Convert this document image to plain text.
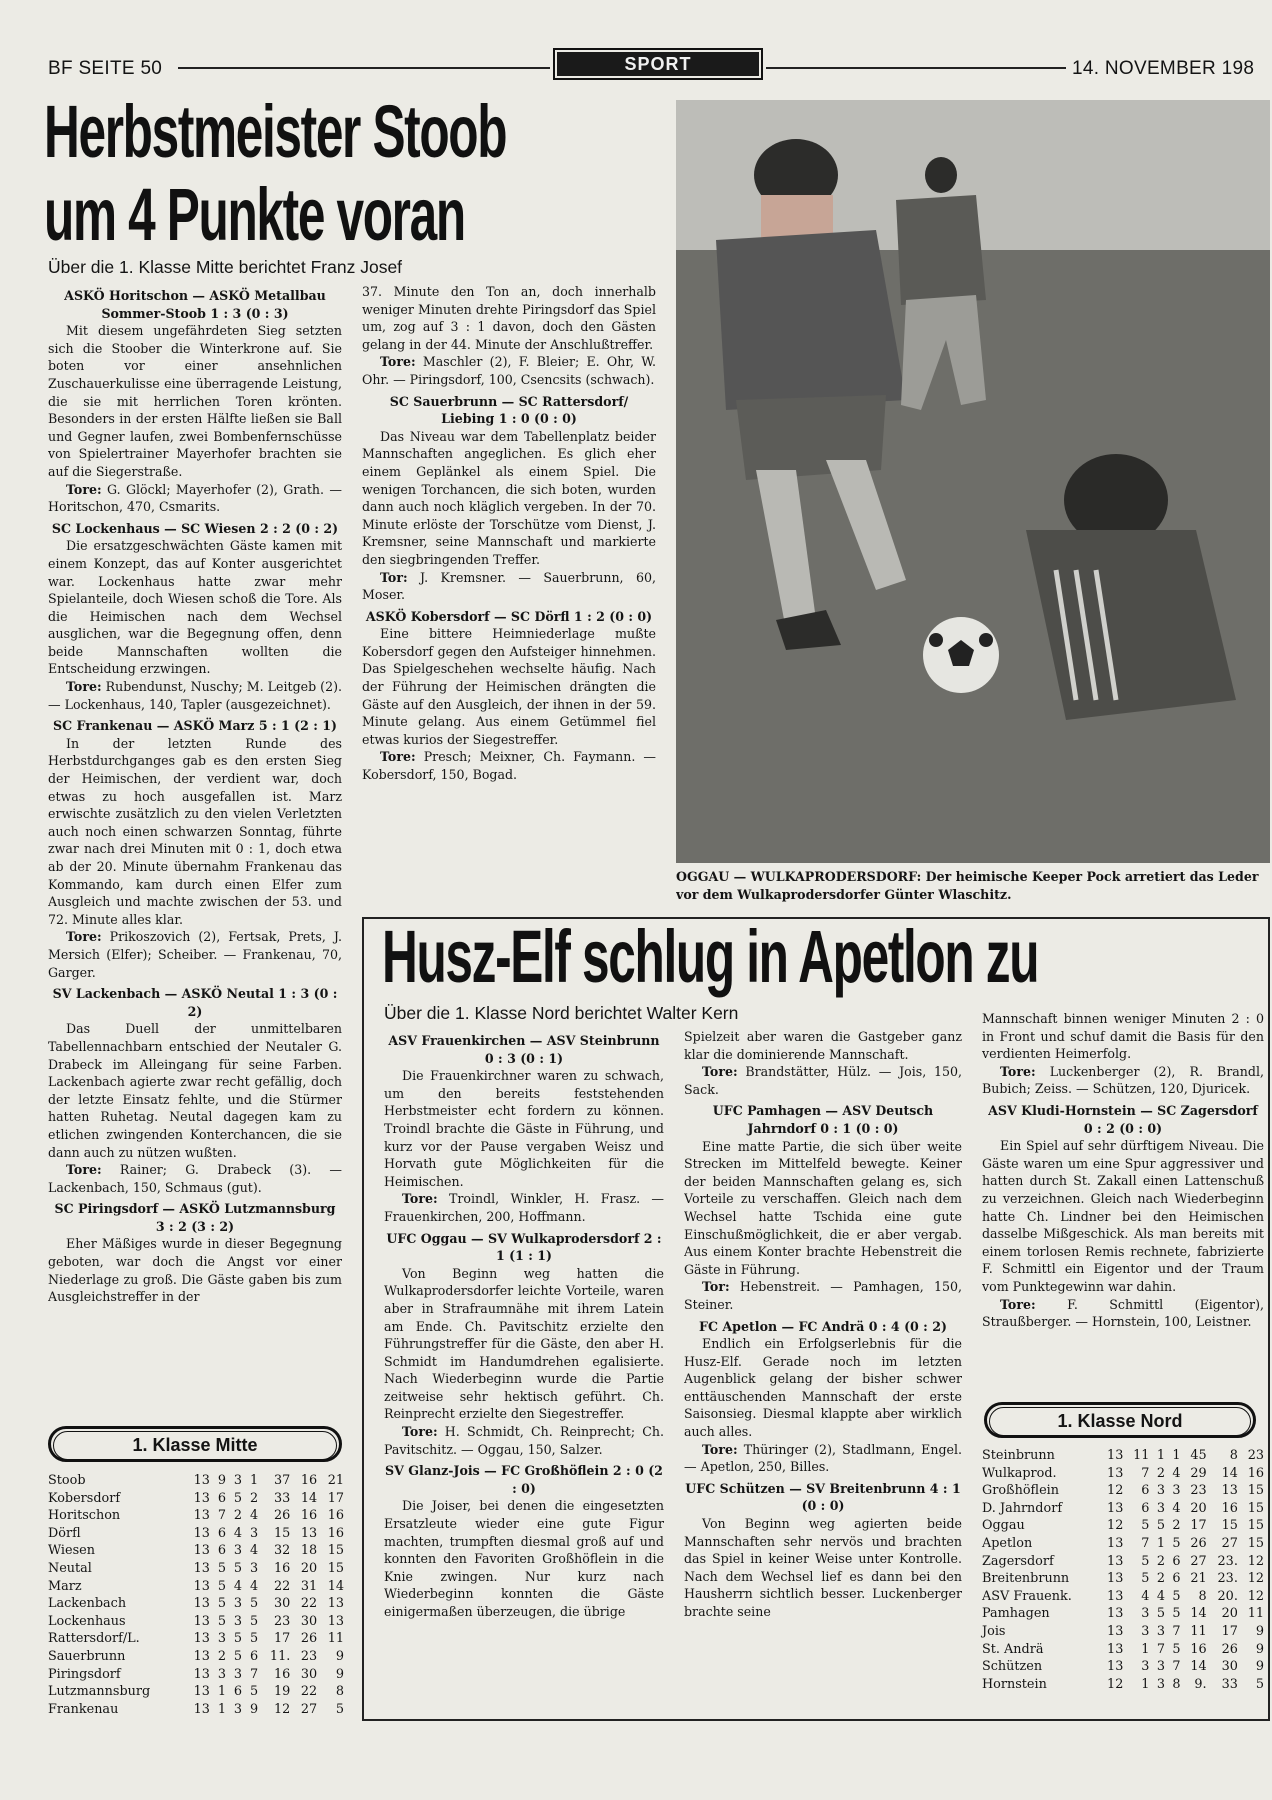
BF SEITE 50	SPORT	14. NOVEMBER 198
Herbstmeister Stoob
um 4 Punkte voran
Über die 1. Klasse Mitte berichtet Franz Josef
ASKÖ Horitschon — ASKÖ Metallbau Sommer-Stoob 1 : 3 (0 : 3)

Mit diesem ungefährdeten Sieg setzten sich die Stoober die Winterkrone auf. Sie boten vor einer ansehnlichen Zuschauerkulisse eine überragende Leistung, die sie mit herrlichen Toren krönten. Besonders in der ersten Hälfte ließen sie Ball und Gegner laufen, zwei Bombenfernschüsse von Spielertrainer Mayerhofer brachten sie auf die Siegerstraße.

Tore: G. Glöckl; Mayerhofer (2), Grath. — Horitschon, 470, Csmarits.

SC Lockenhaus — SC Wiesen 2 : 2 (0 : 2)

Die ersatzgeschwächten Gäste kamen mit einem Konzept, das auf Konter ausgerichtet war. Lockenhaus hatte zwar mehr Spielanteile, doch Wiesen schoß die Tore. Als die Heimischen nach dem Wechsel ausglichen, war die Begegnung offen, denn beide Mannschaften wollten die Entscheidung erzwingen.

Tore: Rubendunst, Nuschy; M. Leitgeb (2). — Lockenhaus, 140, Tapler (ausgezeichnet).

SC Frankenau — ASKÖ Marz 5 : 1 (2 : 1)

In der letzten Runde des Herbstdurchganges gab es den ersten Sieg der Heimischen, der verdient war, doch etwas zu hoch ausgefallen ist. Marz erwischte zusätzlich zu den vielen Verletzten auch noch einen schwarzen Sonntag, führte zwar nach drei Minuten mit 0 : 1, doch etwa ab der 20. Minute übernahm Frankenau das Kommando, kam durch einen Elfer zum Ausgleich und machte zwischen der 53. und 72. Minute alles klar.

Tore: Prikoszovich (2), Fertsak, Prets, J. Mersich (Elfer); Scheiber. — Frankenau, 70, Garger.

SV Lackenbach — ASKÖ Neutal 1 : 3 (0 : 2)

Das Duell der unmittelbaren Tabellennachbarn entschied der Neutaler G. Drabeck im Alleingang für seine Farben. Lackenbach agierte zwar recht gefällig, doch der letzte Einsatz fehlte, und die Stürmer hatten Ruhetag. Neutal dagegen kam zu etlichen zwingenden Konterchancen, die sie dann auch zu nützen wußten.

Tore: Rainer; G. Drabeck (3). — Lackenbach, 150, Schmaus (gut).

SC Piringsdorf — ASKÖ Lutzmannsburg 3 : 2 (3 : 2)

Eher Mäßiges wurde in dieser Begegnung geboten, war doch die Angst vor einer Niederlage zu groß. Die Gäste gaben bis zum Ausgleichstreffer in der

37. Minute den Ton an, doch innerhalb weniger Minuten drehte Piringsdorf das Spiel um, zog auf 3 : 1 davon, doch den Gästen gelang in der 44. Minute der Anschlußtreffer.

Tore: Maschler (2), F. Bleier; E. Ohr, W. Ohr. — Piringsdorf, 100, Csencsits (schwach).

SC Sauerbrunn — SC Rattersdorf/ Liebing 1 : 0 (0 : 0)

Das Niveau war dem Tabellenplatz beider Mannschaften angeglichen. Es glich eher einem Geplänkel als einem Spiel. Die wenigen Torchancen, die sich boten, wurden dann auch noch kläglich vergeben. In der 70. Minute erlöste der Torschütze vom Dienst, J. Kremsner, seine Mannschaft und markierte den siegbringenden Treffer.

Tor: J. Kremsner. — Sauerbrunn, 60, Moser.

ASKÖ Kobersdorf — SC Dörfl 1 : 2 (0 : 0)

Eine bittere Heimniederlage mußte Kobersdorf gegen den Aufsteiger hinnehmen. Das Spielgeschehen wechselte häufig. Nach der Führung der Heimischen drängten die Gäste auf den Ausgleich, der ihnen in der 59. Minute gelang. Aus einem Getümmel fiel etwas kurios der Siegestreffer.

Tore: Presch; Meixner, Ch. Faymann. — Kobersdorf, 150, Bogad.

1. Klasse Mitte
Stoob	13	9	3	1	37	16	21
Kobersdorf	13	6	5	2	33	14	17
Horitschon	13	7	2	4	26	16	16
Dörfl	13	6	4	3	15	13	16
Wiesen	13	6	3	4	32	18	15
Neutal	13	5	5	3	16	20	15
Marz	13	5	4	4	22	31	14
Lackenbach	13	5	3	5	30	22	13
Lockenhaus	13	5	3	5	23	30	13
Rattersdorf/L.	13	3	5	5	17	26	11
Sauerbrunn	13	2	5	6	11.	23	9
Piringsdorf	13	3	3	7	16	30	9
Lutzmannsburg	13	1	6	5	19	22	8
Frankenau	13	1	3	9	12	27	5
OGGAU — WULKAPRODERSDORF: Der heimische Keeper Pock arretiert das Leder vor dem Wulkaprodersdorfer Günter Wlaschitz.
Husz-Elf schlug in Apetlon zu
Über die 1. Klasse Nord berichtet Walter Kern
ASV Frauenkirchen — ASV Steinbrunn 0 : 3 (0 : 1)

Die Frauenkirchner waren zu schwach, um den bereits feststehenden Herbstmeister echt fordern zu können. Troindl brachte die Gäste in Führung, und kurz vor der Pause vergaben Weisz und Horvath gute Möglichkeiten für die Heimischen.

Tore: Troindl, Winkler, H. Frasz. — Frauenkirchen, 200, Hoffmann.

UFC Oggau — SV Wulkaprodersdorf 2 : 1 (1 : 1)

Von Beginn weg hatten die Wulkaprodersdorfer leichte Vorteile, waren aber in Strafraumnähe mit ihrem Latein am Ende. Ch. Pavitschitz erzielte den Führungstreffer für die Gäste, den aber H. Schmidt im Handumdrehen egalisierte. Nach Wiederbeginn wurde die Partie zeitweise sehr hektisch geführt. Ch. Reinprecht erzielte den Siegestreffer.

Tore: H. Schmidt, Ch. Reinprecht; Ch. Pavitschitz. — Oggau, 150, Salzer.

SV Glanz-Jois — FC Großhöflein 2 : 0 (2 : 0)

Die Joiser, bei denen die eingesetzten Ersatzleute wieder eine gute Figur machten, trumpften diesmal groß auf und konnten den Favoriten Großhöflein in die Knie zwingen. Nur kurz nach Wiederbeginn konnten die Gäste einigermaßen überzeugen, die übrige

Spielzeit aber waren die Gastgeber ganz klar die dominierende Mannschaft.

Tore: Brandstätter, Hülz. — Jois, 150, Sack.

UFC Pamhagen — ASV Deutsch Jahrndorf 0 : 1 (0 : 0)

Eine matte Partie, die sich über weite Strecken im Mittelfeld bewegte. Keiner der beiden Mannschaften gelang es, sich Vorteile zu verschaffen. Gleich nach dem Wechsel hatte Tschida eine gute Einschußmöglichkeit, die er aber vergab. Aus einem Konter brachte Hebenstreit die Gäste in Führung.

Tor: Hebenstreit. — Pamhagen, 150, Steiner.

FC Apetlon — FC Andrä 0 : 4 (0 : 2)

Endlich ein Erfolgserlebnis für die Husz-Elf. Gerade noch im letzten Augenblick gelang der bisher schwer enttäuschenden Mannschaft der erste Saisonsieg. Diesmal klappte aber wirklich auch alles.

Tore: Thüringer (2), Stadlmann, Engel. — Apetlon, 250, Billes.

UFC Schützen — SV Breitenbrunn 4 : 1 (0 : 0)

Von Beginn weg agierten beide Mannschaften sehr nervös und brachten das Spiel in keiner Weise unter Kontrolle. Nach dem Wechsel lief es dann bei den Hausherrn sichtlich besser. Luckenberger brachte seine

Mannschaft binnen weniger Minuten 2 : 0 in Front und schuf damit die Basis für den verdienten Heimerfolg.

Tore: Luckenberger (2), R. Brandl, Bubich; Zeiss. — Schützen, 120, Djuricek.

ASV Kludi-Hornstein — SC Zagersdorf 0 : 2 (0 : 0)

Ein Spiel auf sehr dürftigem Niveau. Die Gäste waren um eine Spur aggressiver und hatten durch St. Zakall einen Lattenschuß zu verzeichnen. Gleich nach Wiederbeginn hatte Ch. Lindner bei den Heimischen dasselbe Mißgeschick. Als man bereits mit einem torlosen Remis rechnete, fabrizierte F. Schmittl ein Eigentor und der Traum vom Punktegewinn war dahin.

Tore: F. Schmittl (Eigentor), Straußberger. — Hornstein, 100, Leistner.

1. Klasse Nord
Steinbrunn	13	11	1	1	45	8	23
Wulkaprod.	13	7	2	4	29	14	16
Großhöflein	12	6	3	3	23	13	15
D. Jahrndorf	13	6	3	4	20	16	15
Oggau	12	5	5	2	17	15	15
Apetlon	13	7	1	5	26	27	15
Zagersdorf	13	5	2	6	27	23.	12
Breitenbrunn	13	5	2	6	21	23.	12
ASV Frauenk.	13	4	4	5	8	20.	12
Pamhagen	13	3	5	5	14	20	11
Jois	13	3	3	7	11	17	9
St. Andrä	13	1	7	5	16	26	9
Schützen	13	3	3	7	14	30	9
Hornstein	12	1	3	8	9.	33	5
